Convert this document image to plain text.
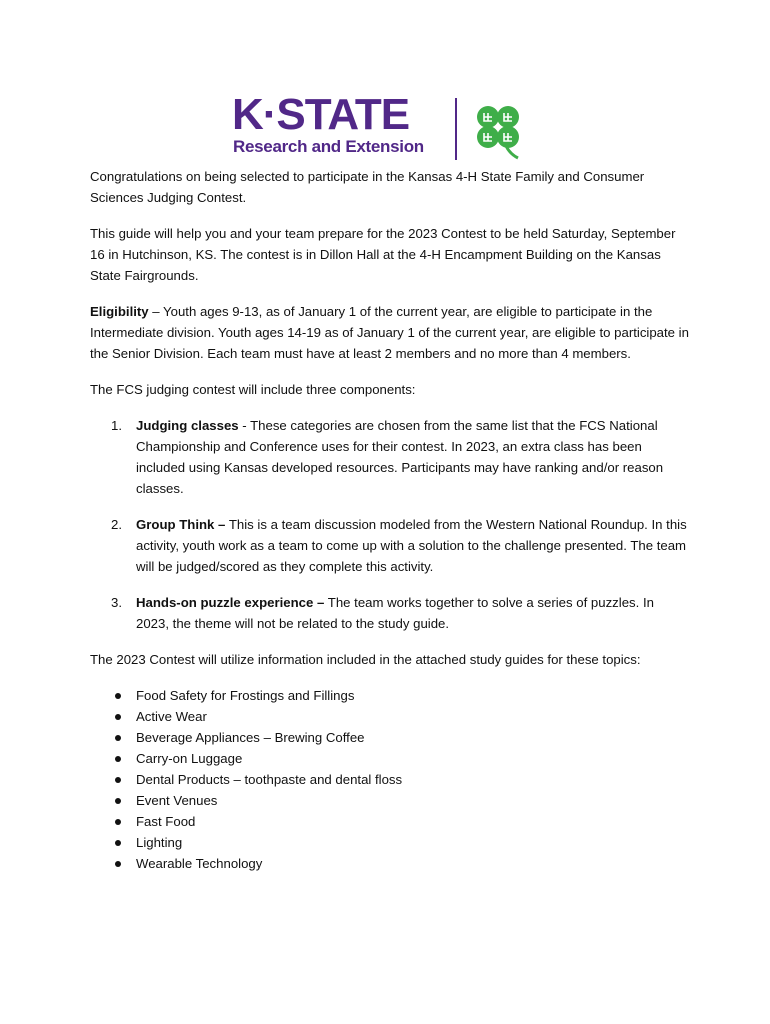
K·STATE
Research and Extension

Congratulations on being selected to participate in the Kansas 4-H State Family and Consumer Sciences Judging Contest.

This guide will help you and your team prepare for the 2023 Contest to be held Saturday, September 16 in Hutchinson, KS. The contest is in Dillon Hall at the 4-H Encampment Building on the Kansas State Fairgrounds.

Eligibility – Youth ages 9-13, as of January 1 of the current year, are eligible to participate in the Intermediate division. Youth ages 14-19 as of January 1 of the current year, are eligible to participate in the Senior Division. Each team must have at least 2 members and no more than 4 members.

The FCS judging contest will include three components:

1. Judging classes - These categories are chosen from the same list that the FCS National Championship and Conference uses for their contest. In 2023, an extra class has been included using Kansas developed resources. Participants may have ranking and/or reason classes.
2. Group Think – This is a team discussion modeled from the Western National Roundup. In this activity, youth work as a team to come up with a solution to the challenge presented. The team will be judged/scored as they complete this activity.
3. Hands-on puzzle experience – The team works together to solve a series of puzzles. In 2023, the theme will not be related to the study guide.

The 2023 Contest will utilize information included in the attached study guides for these topics:

Food Safety for Frostings and Fillings
Active Wear
Beverage Appliances – Brewing Coffee
Carry-on Luggage
Dental Products – toothpaste and dental floss
Event Venues
Fast Food
Lighting
Wearable Technology
